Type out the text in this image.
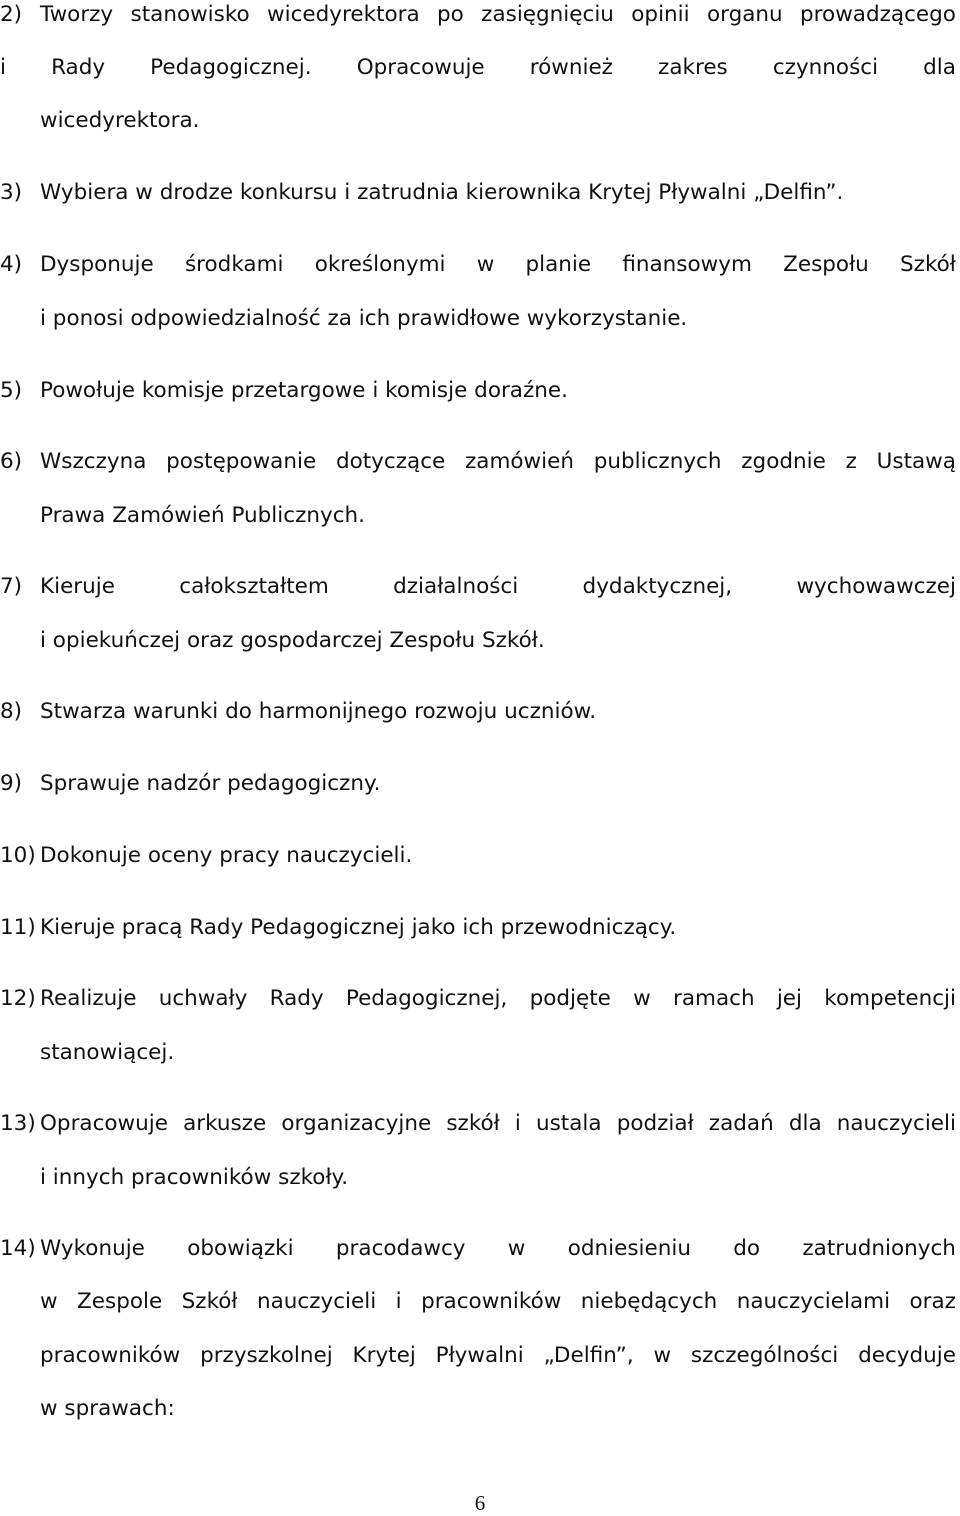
2) Tworzy stanowisko wicedyrektora po zasięgnięciu opinii organu prowadzącego
i Rady Pedagogicznej. Opracowuje również zakres czynności dla
wicedyrektora.
3) Wybiera w drodze konkursu i zatrudnia kierownika Krytej Pływalni „Delfin”.
4) Dysponuje środkami określonymi w planie finansowym Zespołu Szkół
i ponosi odpowiedzialność za ich prawidłowe wykorzystanie.
5) Powołuje komisje przetargowe i komisje doraźne.
6) Wszczyna postępowanie dotyczące zamówień publicznych zgodnie z Ustawą
Prawa Zamówień Publicznych.
7) Kieruje	całokształtem	działalności	dydaktycznej,	wychowawczej
i opiekuńczej oraz gospodarczej Zespołu Szkół.
8) Stwarza warunki do harmonijnego rozwoju uczniów.
9) Sprawuje nadzór pedagogiczny.
10) Dokonuje oceny pracy nauczycieli.
11) Kieruje pracą Rady Pedagogicznej jako ich przewodniczący.
12) Realizuje uchwały Rady Pedagogicznej, podjęte w ramach jej kompetencji
stanowiącej.
13) Opracowuje arkusze organizacyjne szkół i ustala podział zadań dla nauczycieli
i innych pracowników szkoły.
14) Wykonuje obowiązki pracodawcy w odniesieniu do zatrudnionych
w Zespole Szkół nauczycieli i pracowników niebędących nauczycielami oraz
pracowników przyszkolnej Krytej Pływalni „Delfin”, w szczególności decyduje
w sprawach:
6
